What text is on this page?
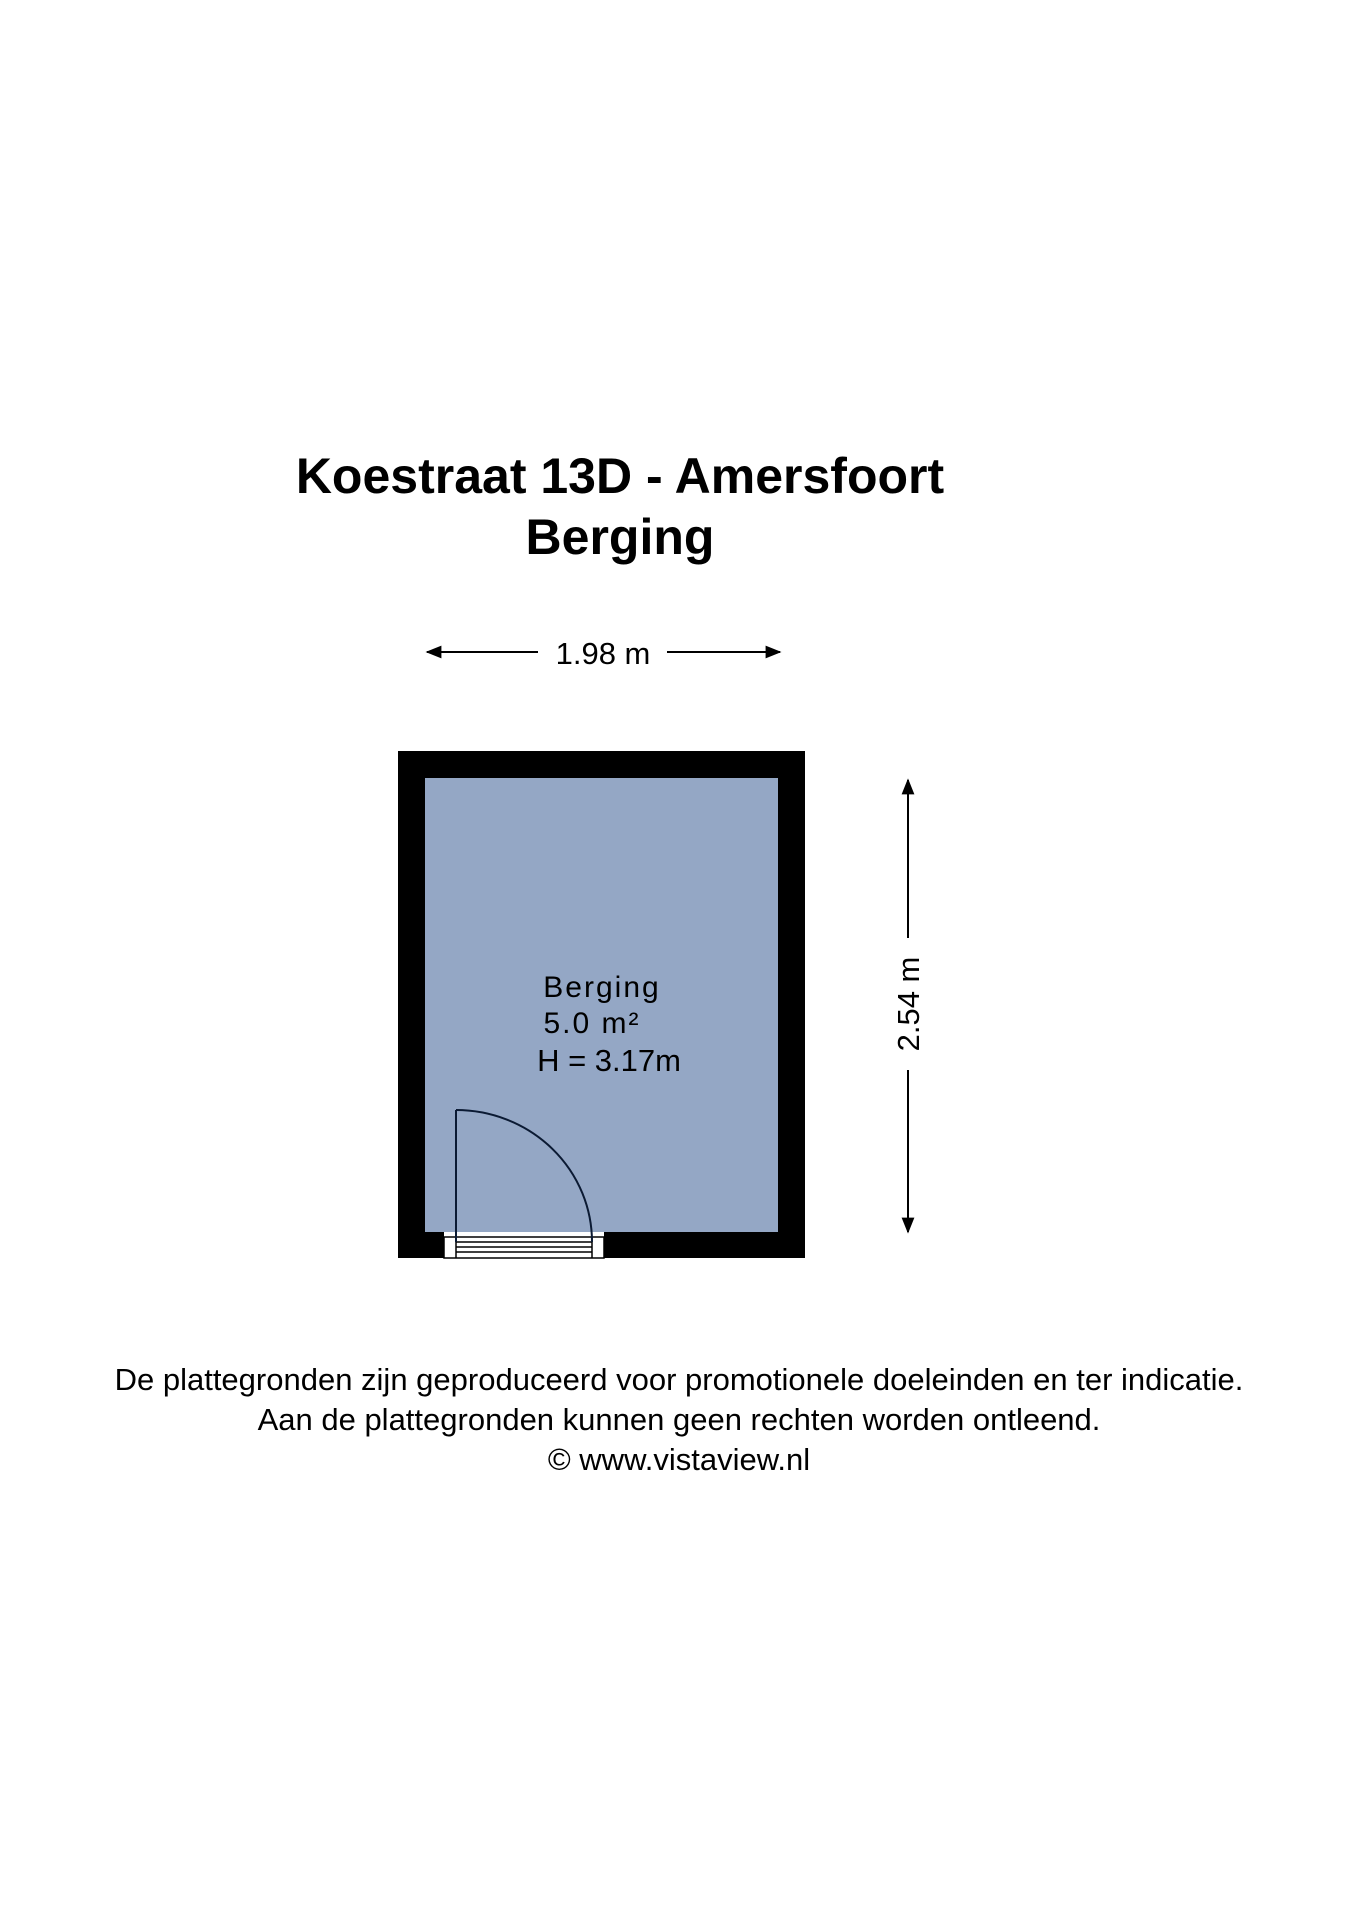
Koestraat 13D - Amersfoort
Berging
1.98 m
Berging
5.0 m²
H = 3.17m
2.54 m
De plattegronden zijn geproduceerd voor promotionele doeleinden en ter indicatie.
Aan de plattegronden kunnen geen rechten worden ontleend.
© www.vistaview.nl
